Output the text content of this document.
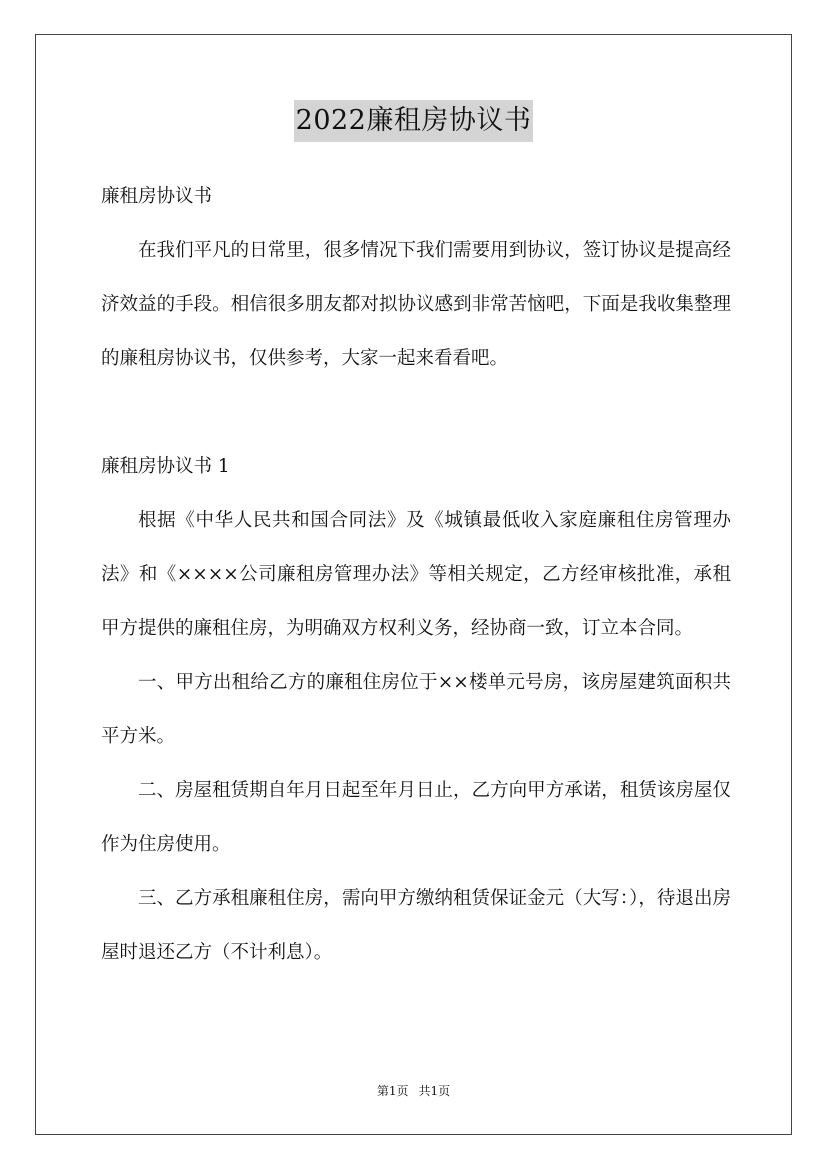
2022廉租房协议书

廉租房协议书

在我们平凡的日常里，很多情况下我们需要用到协议，签订协议是提高经济效益的手段。相信很多朋友都对拟协议感到非常苦恼吧，下面是我收集整理的廉租房协议书，仅供参考，大家一起来看看吧。

廉租房协议书 1

根据《中华人民共和国合同法》及《城镇最低收入家庭廉租住房管理办法》和《××××公司廉租房管理办法》等相关规定，乙方经审核批准，承租甲方提供的廉租住房，为明确双方权利义务，经协商一致，订立本合同。

一、甲方出租给乙方的廉租住房位于××楼单元号房，该房屋建筑面积共平方米。

二、房屋租赁期自年月日起至年月日止，乙方向甲方承诺，租赁该房屋仅作为住房使用。

三、乙方承租廉租住房，需向甲方缴纳租赁保证金元（大写：），待退出房屋时退还乙方（不计利息）。

第1页 共1页
